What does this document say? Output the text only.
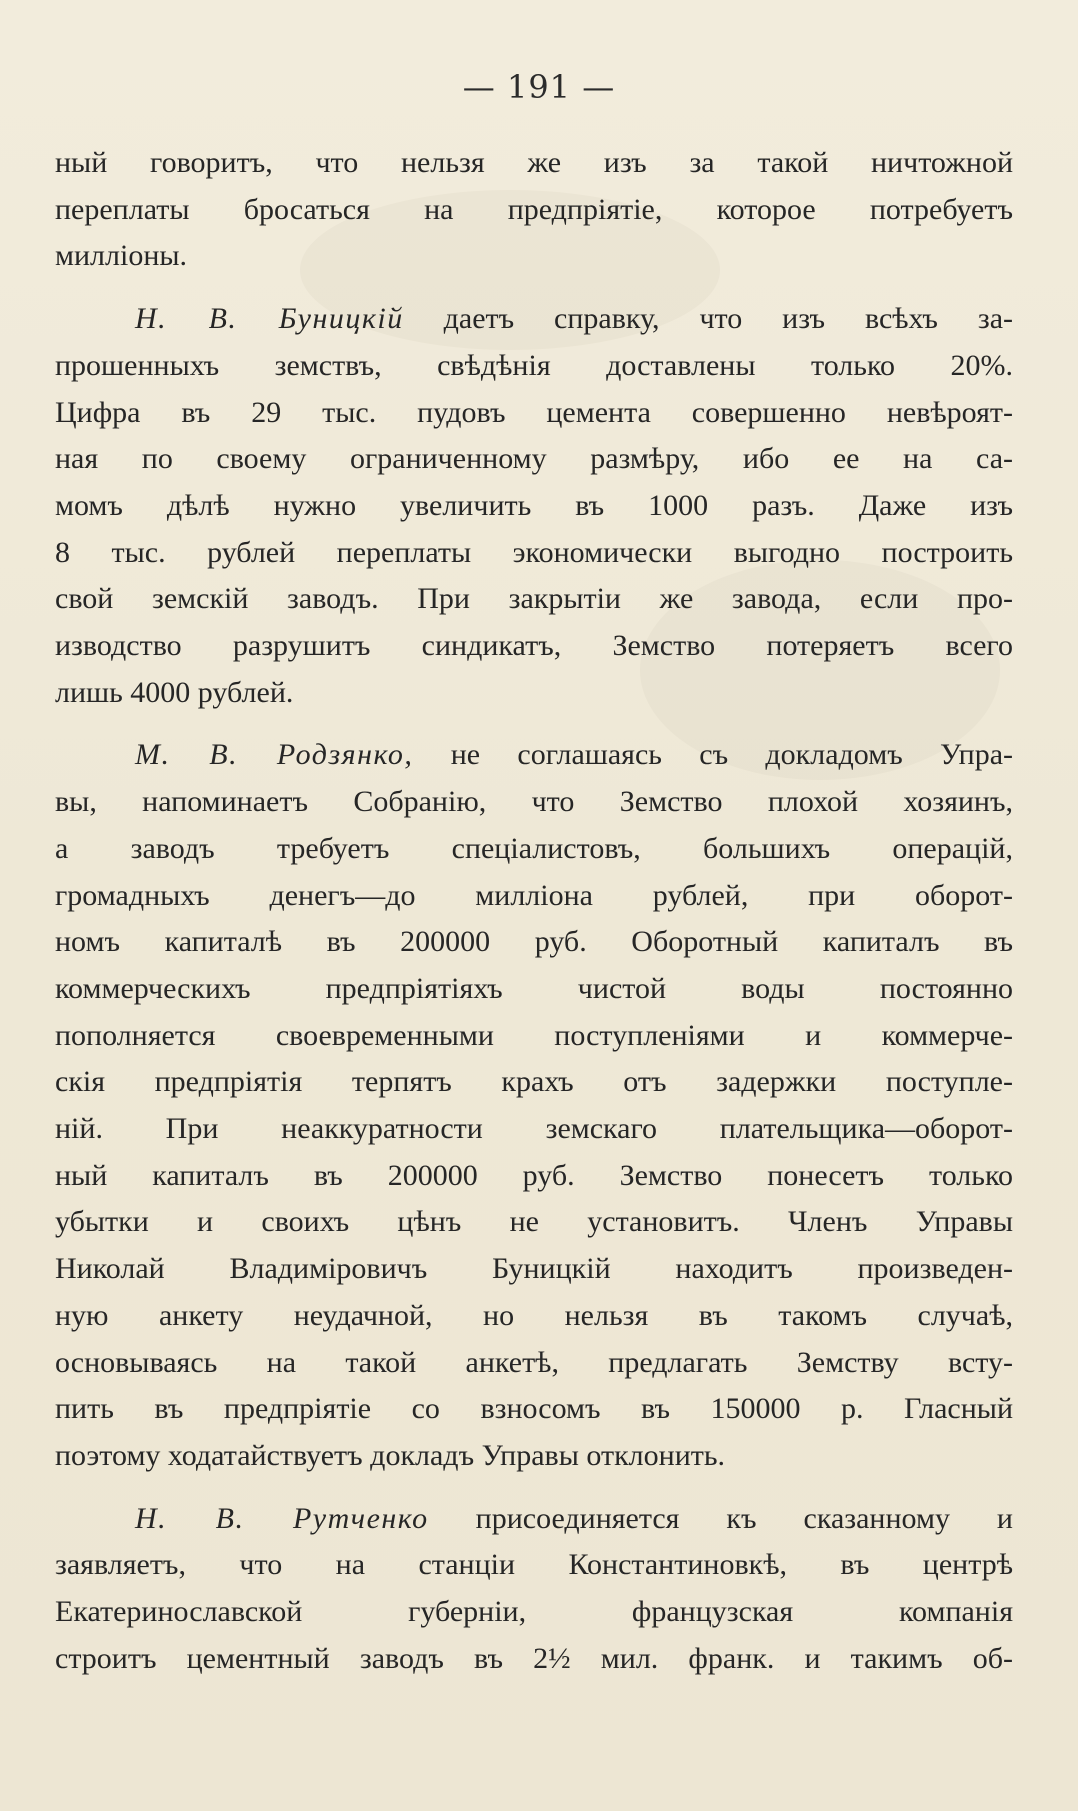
— 191 —
ный говоритъ, что нельзя же изъ за такой ничтожной
переплаты бросаться на предпріятіе, которое потребуетъ
милліоны.
Н. В. Буницкій даетъ справку, что изъ всѣхъ за-
прошенныхъ земствъ, свѣдѣнія доставлены только 20%.
Цифра въ 29 тыс. пудовъ цемента совершенно невѣроят-
ная по своему ограниченному размѣру, ибо ее на са-
момъ дѣлѣ нужно увеличить въ 1000 разъ. Даже изъ
8 тыс. рублей переплаты экономически выгодно построить
свой земскій заводъ. При закрытіи же завода, если про-
изводство разрушитъ синдикатъ, Земство потеряетъ всего
лишь 4000 рублей.
М. В. Родзянко, не соглашаясь съ докладомъ Упра-
вы, напоминаетъ Собранію, что Земство плохой хозяинъ,
а заводъ требуетъ спеціалистовъ, большихъ операцій,
громадныхъ денегъ—до милліона рублей, при оборот-
номъ капиталѣ въ 200000 руб. Оборотный капиталъ въ
коммерческихъ предпріятіяхъ чистой воды постоянно
пополняется своевременными поступленіями и коммерче-
скія предпріятія терпятъ крахъ отъ задержки поступле-
ній. При неаккуратности земскаго плательщика—оборот-
ный капиталъ въ 200000 руб. Земство понесетъ только
убытки и своихъ цѣнъ не установитъ. Членъ Управы
Николай Владиміровичъ Буницкій находитъ произведен-
ную анкету неудачной, но нельзя въ такомъ случаѣ,
основываясь на такой анкетѣ, предлагать Земству всту-
пить въ предпріятіе со взносомъ въ 150000 р. Гласный
поэтому ходатайствуетъ докладъ Управы отклонить.
Н. В. Рутченко присоединяется къ сказанному и
заявляетъ, что на станціи Константиновкѣ, въ центрѣ
Екатеринославской губерніи, французская компанія
строитъ цементный заводъ въ 2½ мил. франк. и такимъ об-
